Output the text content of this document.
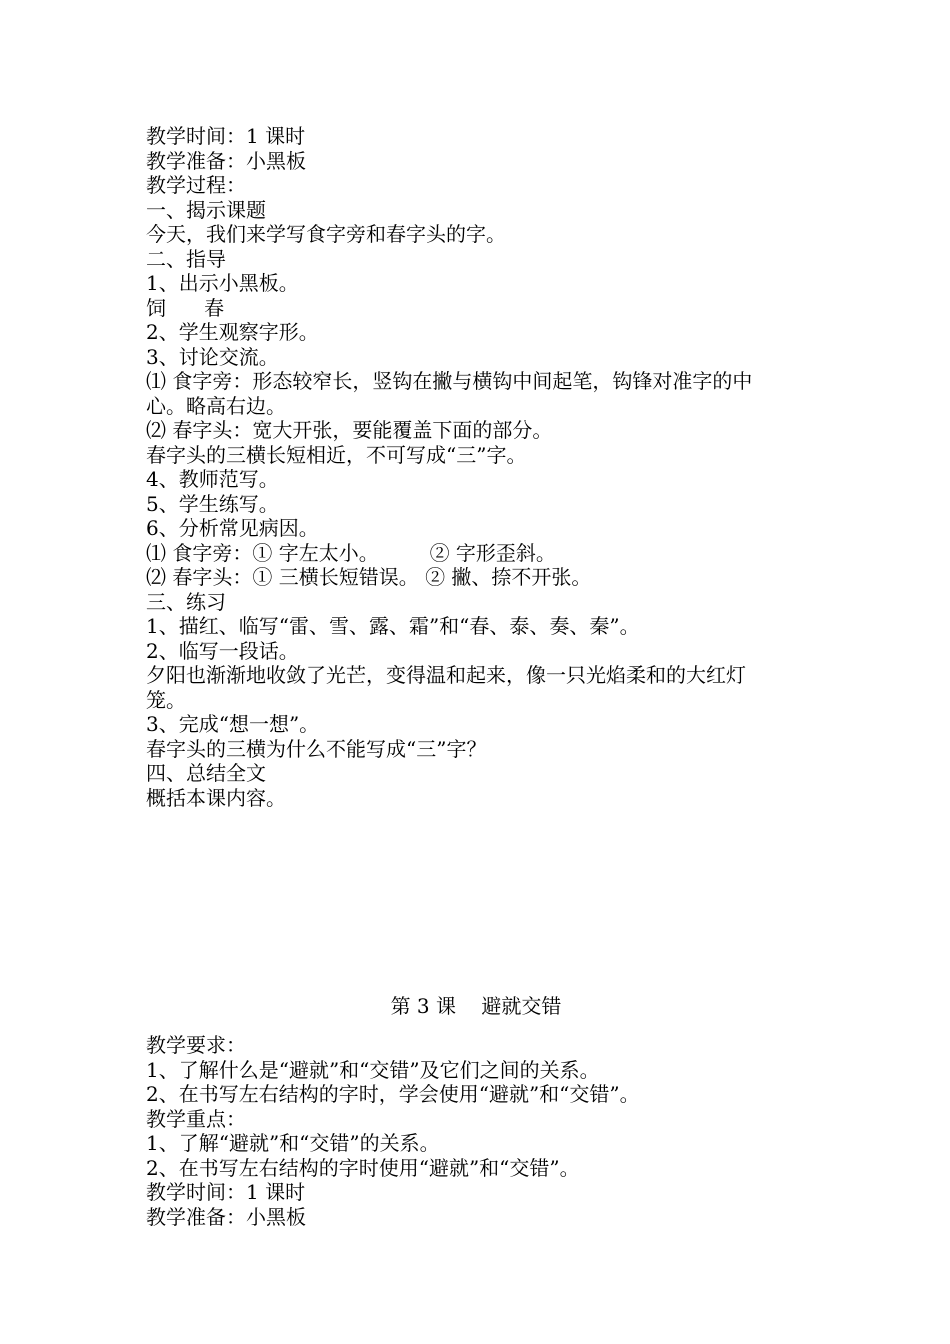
教学时间：1 课时
教学准备：小黑板
教学过程：
一、揭示课题
今天，我们来学写食字旁和春字头的字。
二、指导
1、出示小黑板。
饲      春
2、学生观察字形。
3、讨论交流。
⑴ 食字旁：形态较窄长，竖钩在撇与横钩中间起笔，钩锋对准字的中
心。略高右边。
⑵ 春字头：宽大开张，要能覆盖下面的部分。
春字头的三横长短相近，不可写成“三”字。
4、教师范写。
5、学生练写。
6、分析常见病因。
⑴ 食字旁：① 字左太小。        ② 字形歪斜。
⑵ 春字头：① 三横长短错误。 ② 撇、捺不开张。
三、练习
1、描红、临写“雷、雪、露、霜”和“春、泰、奏、秦”。
2、临写一段话。
夕阳也渐渐地收敛了光芒，变得温和起来，像一只光焰柔和的大红灯
笼。
3、完成“想一想”。
春字头的三横为什么不能写成“三”字？
四、总结全文
概括本课内容。
第 3 课    避就交错
教学要求：
1、了解什么是“避就”和“交错”及它们之间的关系。
2、在书写左右结构的字时，学会使用“避就”和“交错”。
教学重点：
1、了解“避就”和“交错”的关系。
2、在书写左右结构的字时使用“避就”和“交错”。
教学时间：1 课时
教学准备：小黑板
